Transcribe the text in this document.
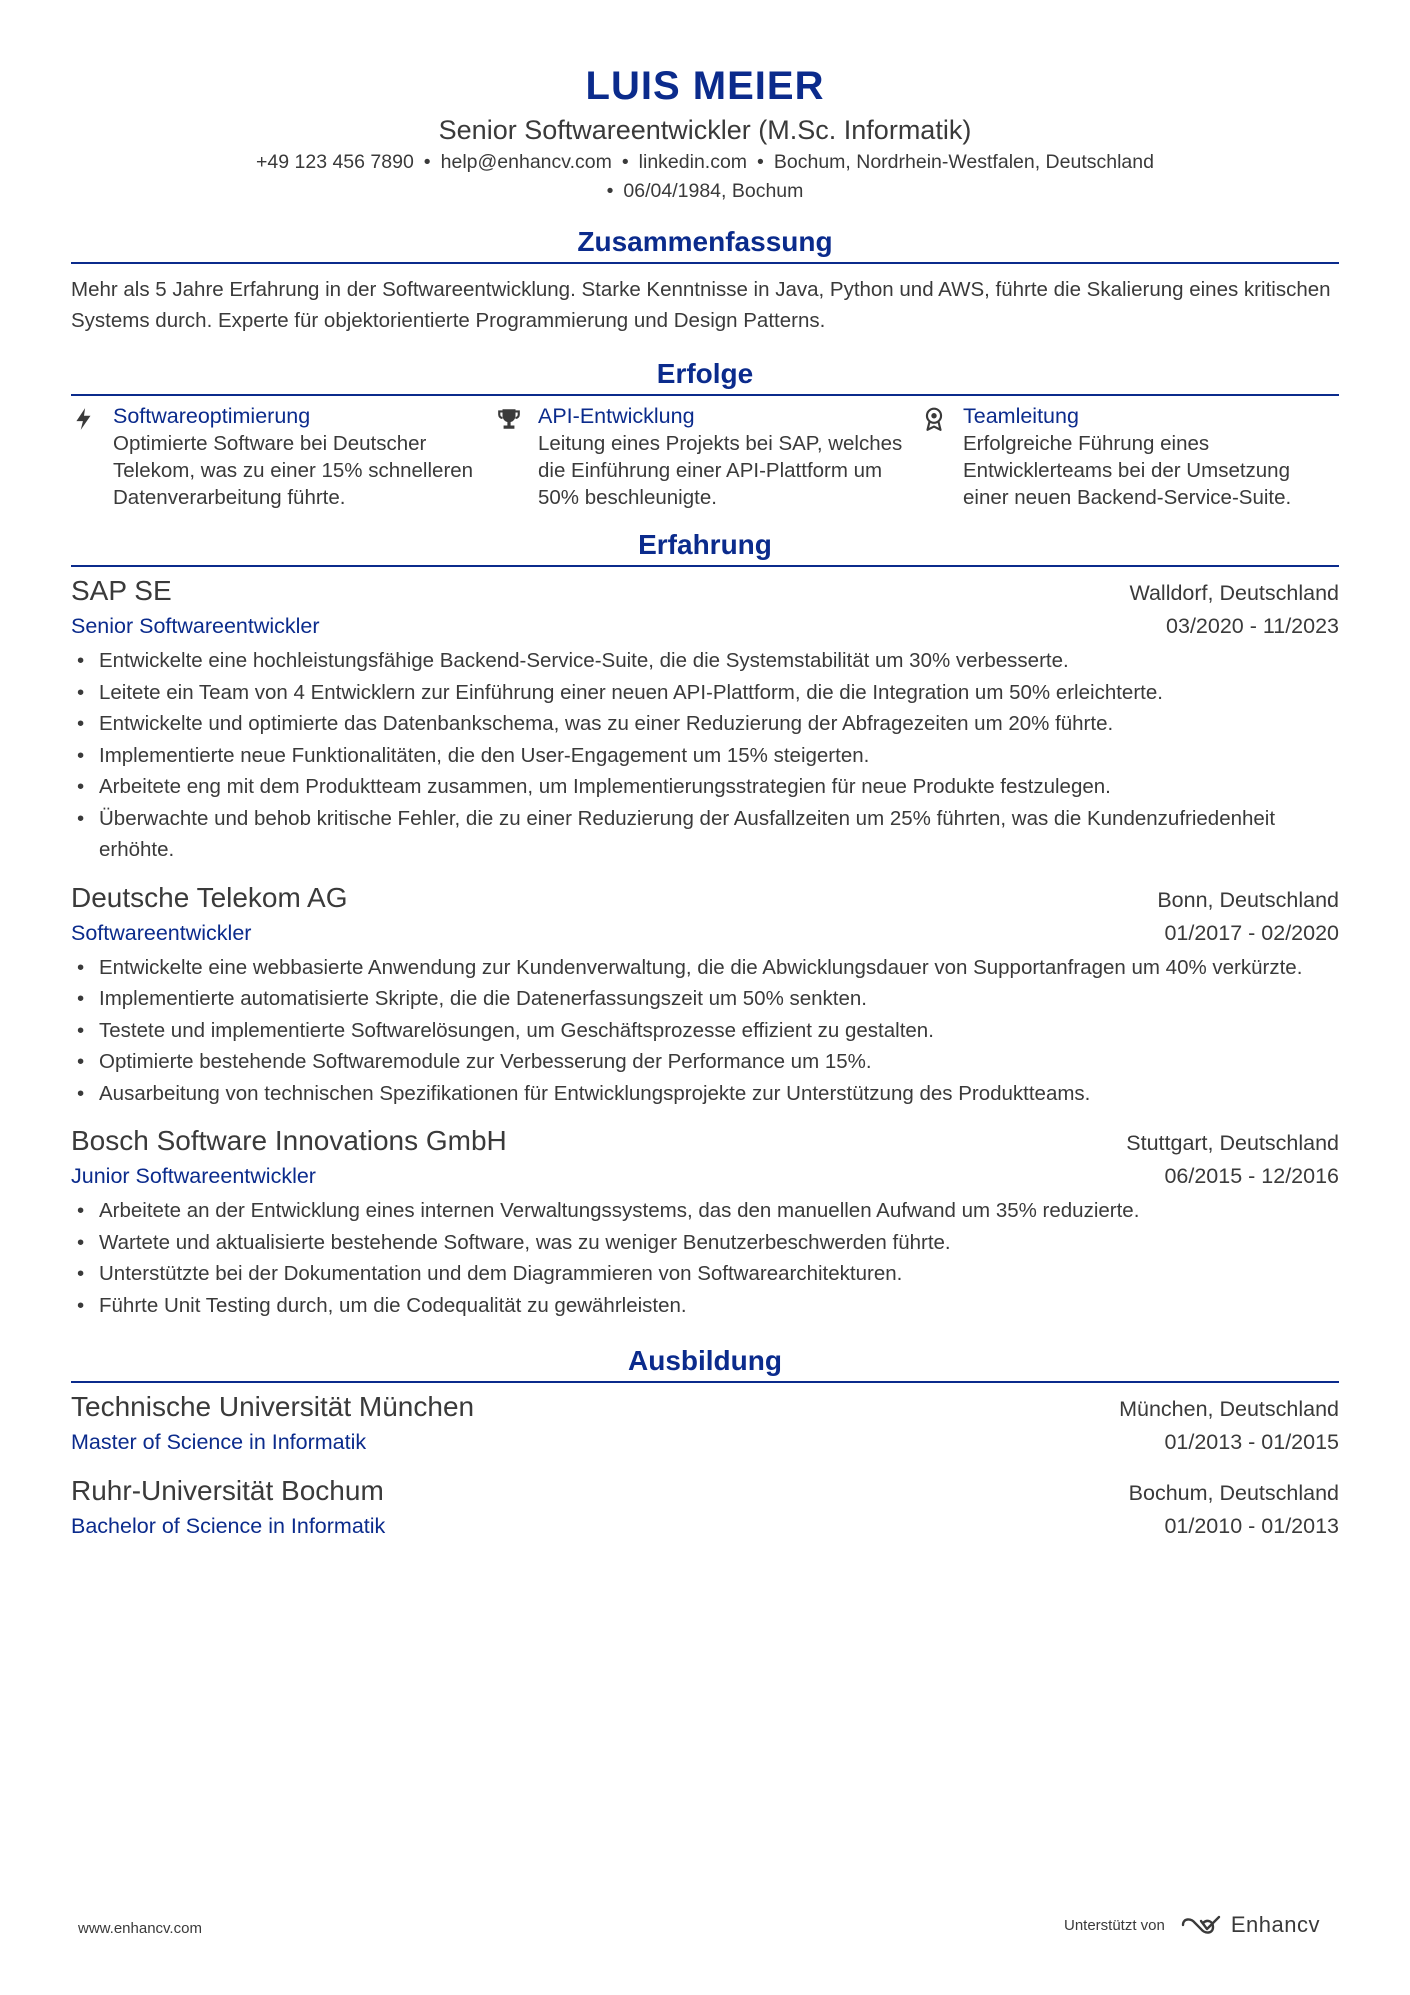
LUIS MEIER
Senior Softwareentwickler (M.Sc. Informatik)
+49 123 456 7890 • help@enhancv.com • linkedin.com • Bochum, Nordrhein-Westfalen, Deutschland
• 06/04/1984, Bochum
Zusammenfassung
Mehr als 5 Jahre Erfahrung in der Softwareentwicklung. Starke Kenntnisse in Java, Python und AWS, führte die Skalierung eines kritischen Systems durch. Experte für objektorientierte Programmierung und Design Patterns.
Erfolge
Softwareoptimierung
Optimierte Software bei Deutscher Telekom, was zu einer 15% schnelleren Datenverarbeitung führte.
API-Entwicklung
Leitung eines Projekts bei SAP, welches die Einführung einer API-Plattform um 50% beschleunigte.
Teamleitung
Erfolgreiche Führung eines Entwicklerteams bei der Umsetzung einer neuen Backend-Service-Suite.
Erfahrung
SAP SE	Walldorf, Deutschland
Senior Softwareentwickler	03/2020 - 11/2023
• Entwickelte eine hochleistungsfähige Backend-Service-Suite, die die Systemstabilität um 30% verbesserte.
• Leitete ein Team von 4 Entwicklern zur Einführung einer neuen API-Plattform, die die Integration um 50% erleichterte.
• Entwickelte und optimierte das Datenbankschema, was zu einer Reduzierung der Abfragezeiten um 20% führte.
• Implementierte neue Funktionalitäten, die den User-Engagement um 15% steigerten.
• Arbeitete eng mit dem Produktteam zusammen, um Implementierungsstrategien für neue Produkte festzulegen.
• Überwachte und behob kritische Fehler, die zu einer Reduzierung der Ausfallzeiten um 25% führten, was die Kundenzufriedenheit erhöhte.
Deutsche Telekom AG	Bonn, Deutschland
Softwareentwickler	01/2017 - 02/2020
• Entwickelte eine webbasierte Anwendung zur Kundenverwaltung, die die Abwicklungsdauer von Supportanfragen um 40% verkürzte.
• Implementierte automatisierte Skripte, die die Datenerfassungszeit um 50% senkten.
• Testete und implementierte Softwarelösungen, um Geschäftsprozesse effizient zu gestalten.
• Optimierte bestehende Softwaremodule zur Verbesserung der Performance um 15%.
• Ausarbeitung von technischen Spezifikationen für Entwicklungsprojekte zur Unterstützung des Produktteams.
Bosch Software Innovations GmbH	Stuttgart, Deutschland
Junior Softwareentwickler	06/2015 - 12/2016
• Arbeitete an der Entwicklung eines internen Verwaltungssystems, das den manuellen Aufwand um 35% reduzierte.
• Wartete und aktualisierte bestehende Software, was zu weniger Benutzerbeschwerden führte.
• Unterstützte bei der Dokumentation und dem Diagrammieren von Softwarearchitekturen.
• Führte Unit Testing durch, um die Codequalität zu gewährleisten.
Ausbildung
Technische Universität München	München, Deutschland
Master of Science in Informatik	01/2013 - 01/2015
Ruhr-Universität Bochum	Bochum, Deutschland
Bachelor of Science in Informatik	01/2010 - 01/2013
www.enhancv.com	Unterstützt von	Enhancv
